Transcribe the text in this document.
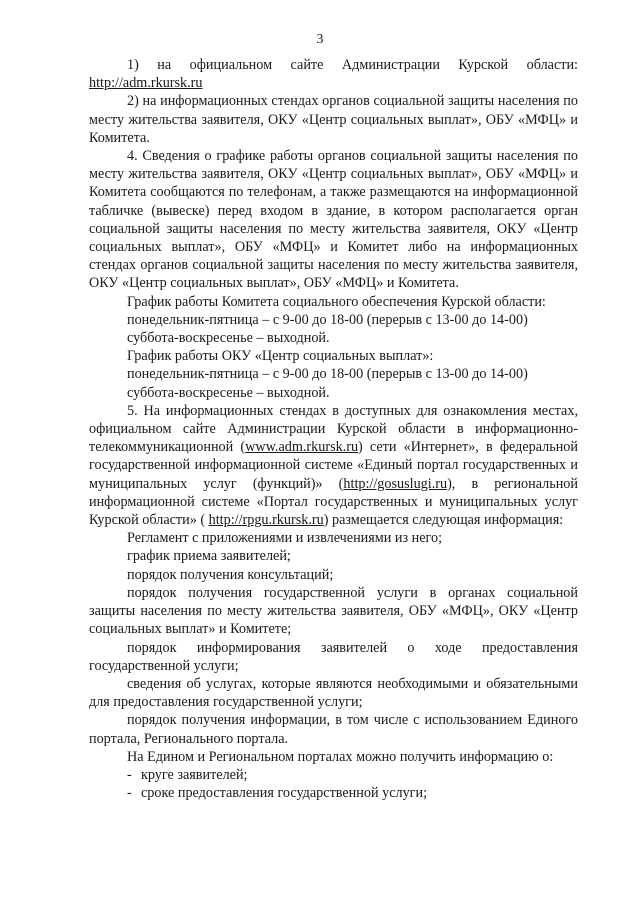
3

1) на официальном сайте Администрации Курской области: http://adm.rkursk.ru

2) на информационных стендах органов социальной защиты населения по месту жительства заявителя, ОКУ «Центр социальных выплат», ОБУ «МФЦ» и Комитета.

4. Сведения о графике работы органов социальной защиты населения по месту жительства заявителя, ОКУ «Центр социальных выплат», ОБУ «МФЦ» и Комитета сообщаются по телефонам, а также размещаются на информационной табличке (вывеске) перед входом в здание, в котором располагается орган социальной защиты населения по месту жительства заявителя, ОКУ «Центр социальных выплат», ОБУ «МФЦ» и Комитет либо на информационных стендах органов социальной защиты населения по месту жительства заявителя, ОКУ «Центр социальных выплат», ОБУ «МФЦ» и Комитета.

График работы Комитета социального обеспечения Курской области:

понедельник-пятница – с 9-00 до 18-00 (перерыв с 13-00 до 14-00)

суббота-воскресенье – выходной.

График работы ОКУ «Центр социальных выплат»:

понедельник-пятница – с 9-00 до 18-00 (перерыв с 13-00 до 14-00)

суббота-воскресенье – выходной.

5. На информационных стендах в доступных для ознакомления местах, официальном сайте Администрации Курской области в информационно- телекоммуникационной (www.adm.rkursk.ru) сети «Интернет», в федеральной государственной информационной системе «Единый портал государственных и муниципальных услуг (функций)» (http://gosuslugi.ru), в региональной информационной системе «Портал государственных и муниципальных услуг Курской области» ( http://rpgu.rkursk.ru) размещается следующая информация:

Регламент с приложениями и извлечениями из него;

график приема заявителей;

порядок получения консультаций;

порядок получения государственной услуги в органах социальной защиты населения по месту жительства заявителя, ОБУ «МФЦ», ОКУ «Центр социальных выплат» и Комитете;

порядок информирования заявителей о ходе предоставления государственной услуги;

сведения об услугах, которые являются необходимыми и обязательными для предоставления государственной услуги;

порядок получения информации, в том числе с использованием Единого портала, Регионального портала.

На Едином и Региональном порталах можно получить информацию о:

- круге заявителей;

- сроке предоставления государственной услуги;
